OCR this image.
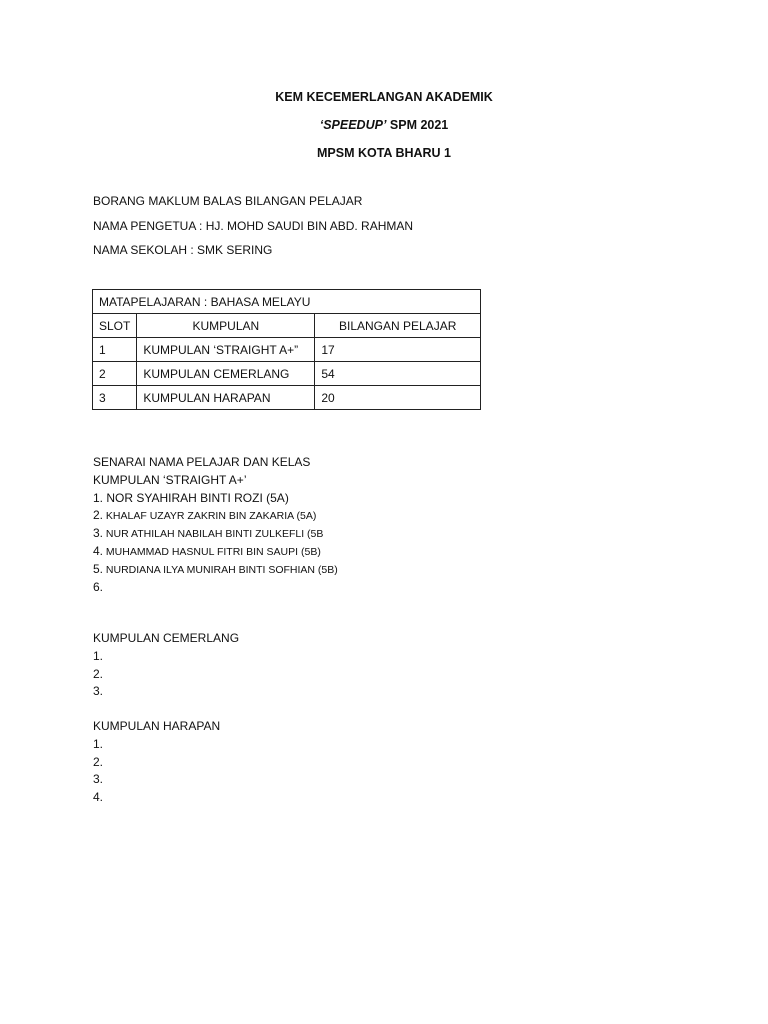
KEM KECEMERLANGAN AKADEMIK
‘SPEEDUP’ SPM 2021
MPSM KOTA BHARU 1
BORANG MAKLUM BALAS BILANGAN PELAJAR
NAMA PENGETUA : HJ. MOHD SAUDI BIN ABD. RAHMAN
NAMA SEKOLAH : SMK SERING
MATAPELAJARAN : BAHASA MELAYU		
SLOT	KUMPULAN	BILANGAN PELAJAR
1	KUMPULAN ‘STRAIGHT A+”	17
2	KUMPULAN CEMERLANG	54
3	KUMPULAN HARAPAN	20
SENARAI NAMA PELAJAR DAN KELAS
KUMPULAN ‘STRAIGHT A+’
1. NOR SYAHIRAH BINTI ROZI (5A)
2. KHALAF UZAYR ZAKRIN BIN ZAKARIA (5A)
3. NUR ATHILAH NABILAH BINTI ZULKEFLI (5B
4. MUHAMMAD HASNUL FITRI BIN SAUPI (5B)
5. NURDIANA ILYA MUNIRAH BINTI SOFHIAN (5B)
6.
KUMPULAN CEMERLANG
1.
2.
3.
KUMPULAN HARAPAN
1.
2.
3.
4.
